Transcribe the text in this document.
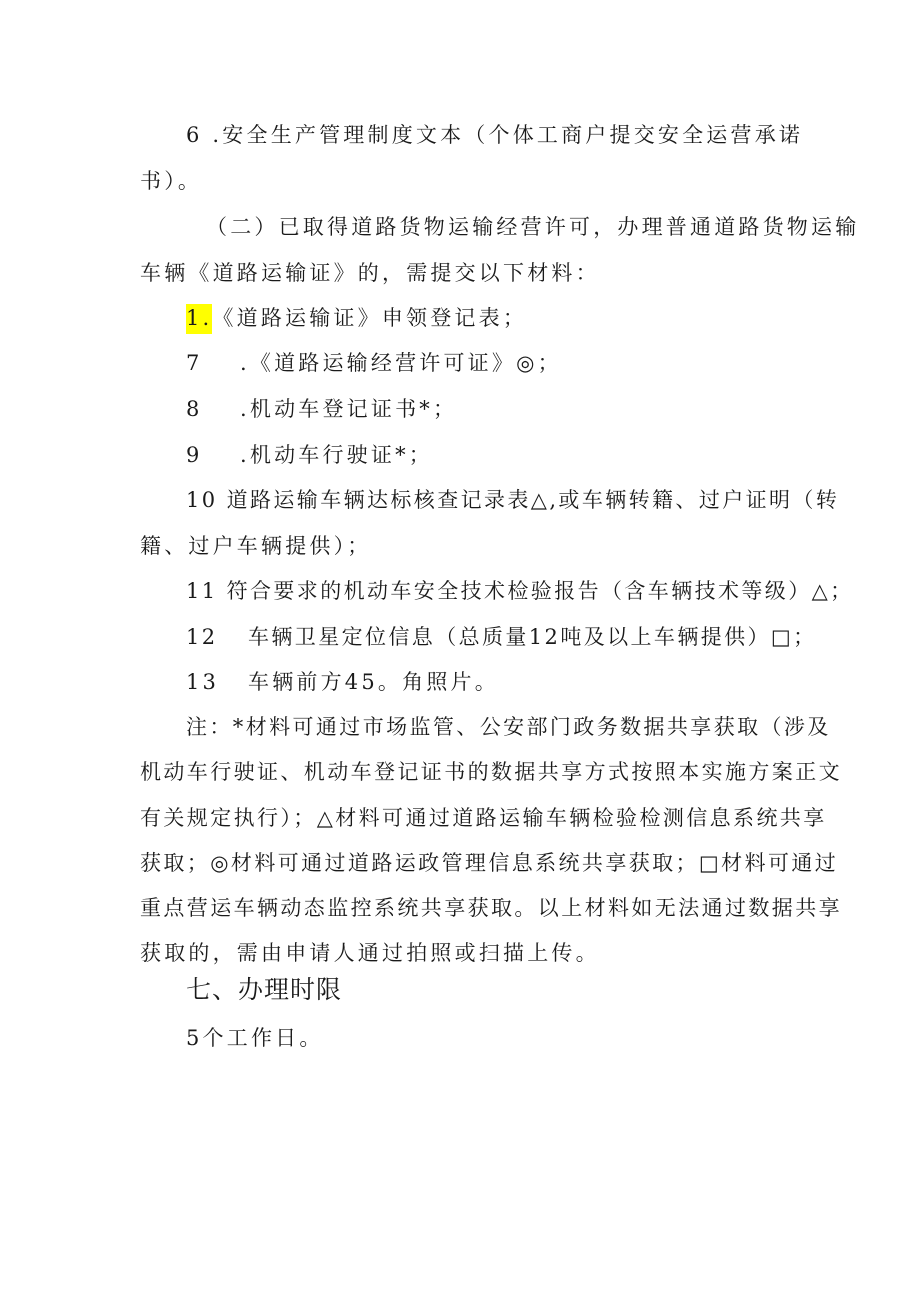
6 .安全生产管理制度文本（个体工商户提交安全运营承诺
书）。
（二）已取得道路货物运输经营许可，办理普通道路货物运输
车辆《道路运输证》的，需提交以下材料：
1.《道路运输证》申领登记表；
7 .《道路运输经营许可证》◎；
8 .机动车登记证书*；
9 .机动车行驶证*；
10 道路运输车辆达标核查记录表△,或车辆转籍、过户证明（转
籍、过户车辆提供）；
11 符合要求的机动车安全技术检验报告（含车辆技术等级）△；
12 车辆卫星定位信息（总质量12吨及以上车辆提供）□；
13 车辆前方45。角照片。
注：*材料可通过市场监管、公安部门政务数据共享获取（涉及
机动车行驶证、机动车登记证书的数据共享方式按照本实施方案正文
有关规定执行）；△材料可通过道路运输车辆检验检测信息系统共享
获取；◎材料可通过道路运政管理信息系统共享获取；□材料可通过
重点营运车辆动态监控系统共享获取。以上材料如无法通过数据共享
获取的，需由申请人通过拍照或扫描上传。
七、办理时限
5个工作日。
